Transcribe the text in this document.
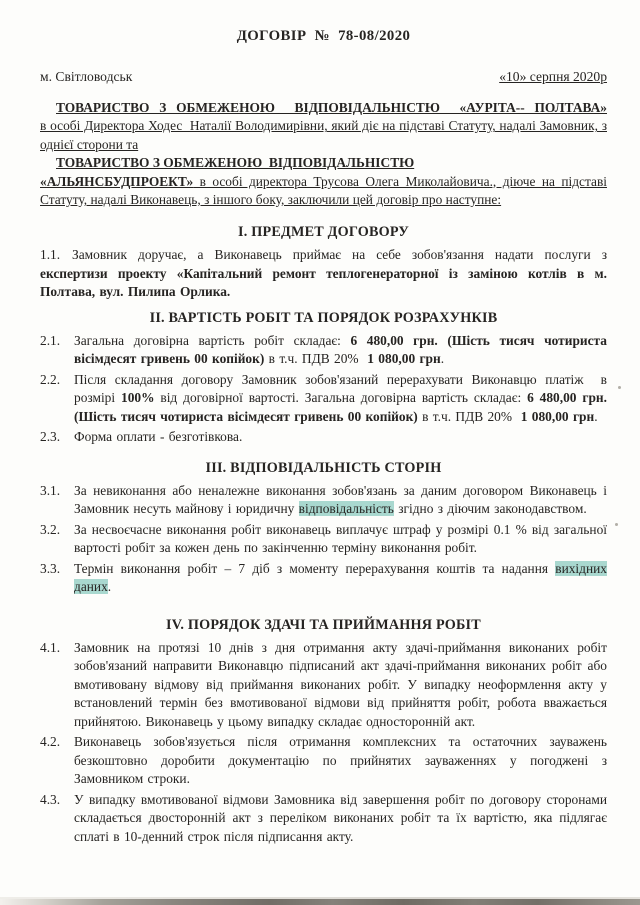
ДОГОВІР  №  78-08/2020
м. Світловодськ	«10» серпня 2020р

ТОВАРИСТВО З ОБМЕЖЕНОЮ  ВІДПОВІДАЛЬНІСТЮ  «АУРІТА-- ПОЛТАВА»

в особі Директора Ходес  Наталії Володимирівни, який діє на підставі Статуту, надалі Замовник, з однієї сторони та

ТОВАРИСТВО З ОБМЕЖЕНОЮ  ВІДПОВІДАЛЬНІСТЮ
«АЛЬЯНСБУДПРОЕКТ» в особі директора Трусова Олега Миколайовича., діюче на підставі Статуту, надалі Виконавець, з іншого боку, заключили цей договір про наступне:

І. ПРЕДМЕТ ДОГОВОРУ

1.1. Замовник доручає, а Виконавець приймає на себе зобов'язання надати послуги з експертизи проекту «Капітальний ремонт теплогенераторної із заміною котлів в м. Полтава, вул. Пилипа Орлика.

ІІ. ВАРТІСТЬ РОБІТ ТА ПОРЯДОК РОЗРАХУНКІВ

2.1. Загальна договірна вартість робіт складає: 6 480,00 грн. (Шість тисяч чотириста вісімдесят гривень 00 копійок) в т.ч. ПДВ 20%  1 080,00 грн.

2.2. Після складання договору Замовник зобов'язаний перерахувати Виконавцю платіж  в розмірі 100% від договірної вартості. Загальна договірна вартість складає: 6 480,00 грн. (Шість тисяч чотириста вісімдесят гривень 00 копійок) в т.ч. ПДВ 20%  1 080,00 грн.

2.3. Форма оплати - безготівкова.

ІІІ. ВІДПОВІДАЛЬНІСТЬ СТОРІН

3.1. За невиконання або неналежне виконання зобов'язань за даним договором Виконавець і Замовник несуть майнову і юридичну відповідальність згідно з діючим законодавством.

3.2. За несвоєчасне виконання робіт виконавець виплачує штраф у розмірі 0.1 % від загальної вартості робіт за кожен день по закінченню терміну виконання робіт.

3.3. Термін виконання робіт – 7 діб з моменту перерахування коштів та надання вихідних даних.

IV. ПОРЯДОК ЗДАЧІ ТА ПРИЙМАННЯ РОБІТ

4.1. Замовник на протязі 10 днів з дня отримання акту здачі-приймання виконаних робіт зобов'язаний направити Виконавцю підписаний акт здачі-приймання виконаних робіт або вмотивовану відмову від приймання виконаних робіт. У випадку неоформлення акту у встановлений термін без вмотивованої відмови від прийняття робіт, робота вважається прийнятою. Виконавець у цьому випадку складає односторонній акт.

4.2. Виконавець зобов'язується після отримання комплексних та остаточних зауважень безкоштовно доробити документацію по прийнятих зауваженнях у погоджені з Замовником строки.

4.3. У випадку вмотивованої відмови Замовника від завершення робіт по договору сторонами складається двосторонній акт з переліком виконаних робіт та їх вартістю, яка підлягає сплаті в 10-денний строк після підписання акту.
